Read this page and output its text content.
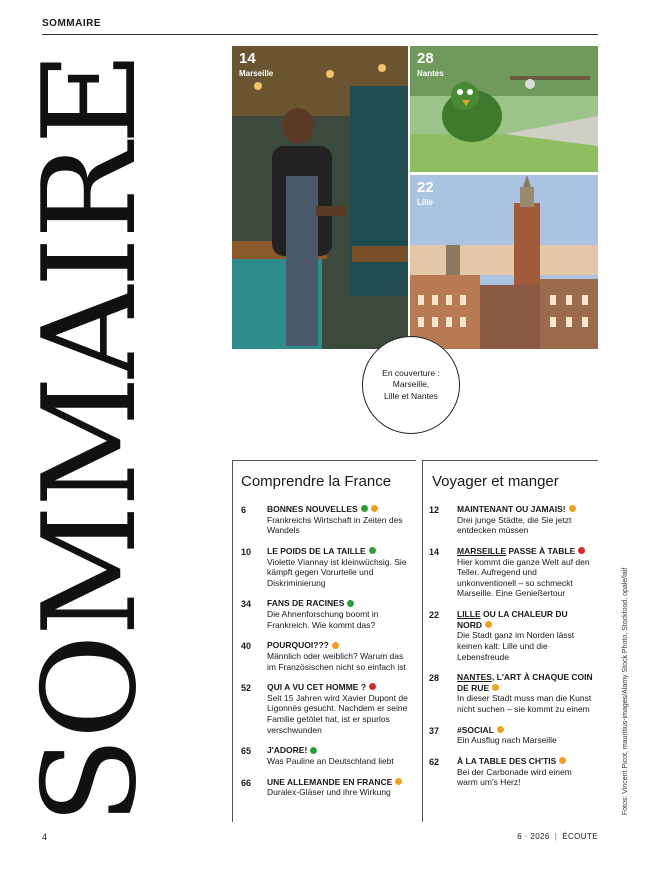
SOMMAIRE
SOMMAIRE	14
Marseille
28
Nantes
22
Lille

En couverture :
Marseille,
Lille et Nantes

Comprendre la France
6	BONNES NOUVELLES
Frankreichs Wirtschaft in Zeiten des Wandels
10	LE POIDS DE LA TAILLE
Violette Viannay ist kleinwüchsig. Sie kämpft gegen Vorurteile und Diskriminierung
34	FANS DE RACINES
Die Ahnenforschung boomt in Frankreich. Wie kommt das?
40	POURQUOI???
Männlich oder weiblich? Warum das im Französischen nicht so einfach ist
52	QUI A VU CET HOMME ?
Seit 15 Jahren wird Xavier Dupont de Ligonnès gesucht. Nachdem er seine Familie getötet hat, ist er spurlos verschwunden
65	J'ADORE!
Was Pauline an Deutschland liebt
66	UNE ALLEMANDE EN FRANCE
Duralex-Gläser und ihre Wirkung
Voyager et manger
12	MAINTENANT OU JAMAIS!
Drei junge Städte, die Sie jetzt entdecken müssen
14	MARSEILLE PASSE À TABLE
Hier kommt die ganze Welt auf den Teller. Aufregend und unkonventionell – so schmeckt Marseille. Eine Genießertour
22	LILLE OU LA CHALEUR DU NORD
Die Stadt ganz im Norden lässt keinen kalt: Lille und die Lebensfreude
28	NANTES, L'ART À CHAQUE COIN DE RUE
In dieser Stadt muss man die Kunst nicht suchen – sie kommt zu einem
37	#SOCIAL
Ein Ausflug nach Marseille
62	À LA TABLE DES CH'TIS
Bei der Carbonade wird einem warm um's Herz!	Fotos: Vincent Picot, mauritius-images/Alamy Stock Photo, Stockfood, opale/laif
4	6 · 2026 | ÉCOUTE
